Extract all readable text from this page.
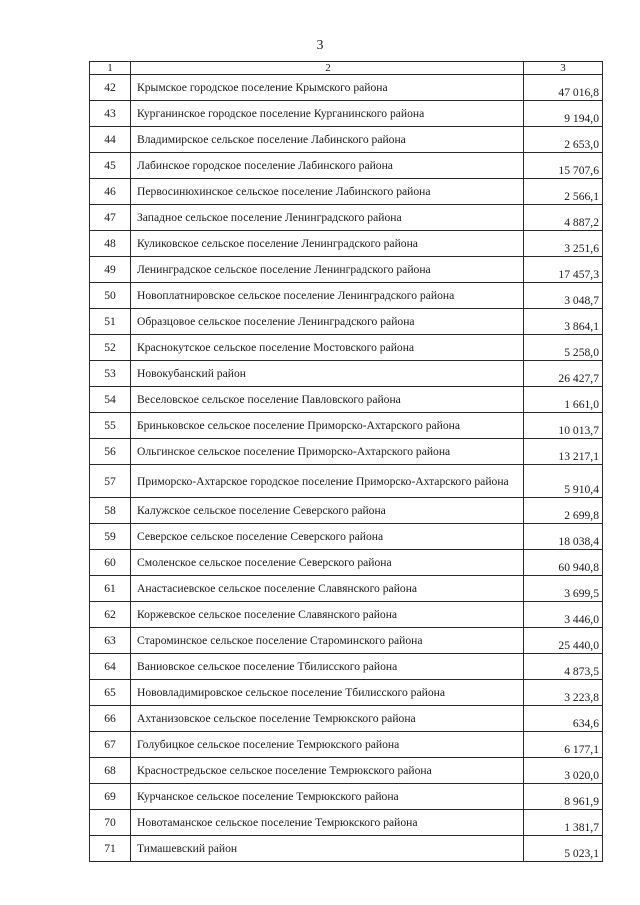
3
1	2	3
42	Крымское городское поселение Крымского района	47 016,8
43	Курганинское городское поселение Курганинского района	9 194,0
44	Владимирское сельское поселение Лабинского района	2 653,0
45	Лабинское городское поселение Лабинского района	15 707,6
46	Первосинюхинское сельское поселение Лабинского района	2 566,1
47	Западное сельское поселение Ленинградского района	4 887,2
48	Куликовское сельское поселение Ленинградского района	3 251,6
49	Ленинградское сельское поселение Ленинградского района	17 457,3
50	Новоплатнировское сельское поселение Ленинградского района	3 048,7
51	Образцовое сельское поселение Ленинградского района	3 864,1
52	Краснокутское сельское поселение Мостовского района	5 258,0
53	Новокубанский район	26 427,7
54	Веселовское сельское поселение Павловского района	1 661,0
55	Бриньковское сельское поселение Приморско-Ахтарского района	10 013,7
56	Ольгинское сельское поселение Приморско-Ахтарского района	13 217,1
57	Приморско-Ахтарское городское поселение Приморско-Ахтарского района	5 910,4
58	Калужское сельское поселение Северского района	2 699,8
59	Северское сельское поселение Северского района	18 038,4
60	Смоленское сельское поселение Северского района	60 940,8
61	Анастасиевское сельское поселение Славянского района	3 699,5
62	Коржевское сельское поселение Славянского района	3 446,0
63	Староминское сельское поселение Староминского района	25 440,0
64	Ваниовское сельское поселение Тбилисского района	4 873,5
65	Нововладимировское сельское поселение Тбилисского района	3 223,8
66	Ахтанизовское сельское поселение Темрюкского района	634,6
67	Голубицкое сельское поселение Темрюкского района	6 177,1
68	Красностредьское сельское поселение Темрюкского района	3 020,0
69	Курчанское сельское поселение Темрюкского района	8 961,9
70	Новотаманское сельское поселение Темрюкского района	1 381,7
71	Тимашевский район	5 023,1
